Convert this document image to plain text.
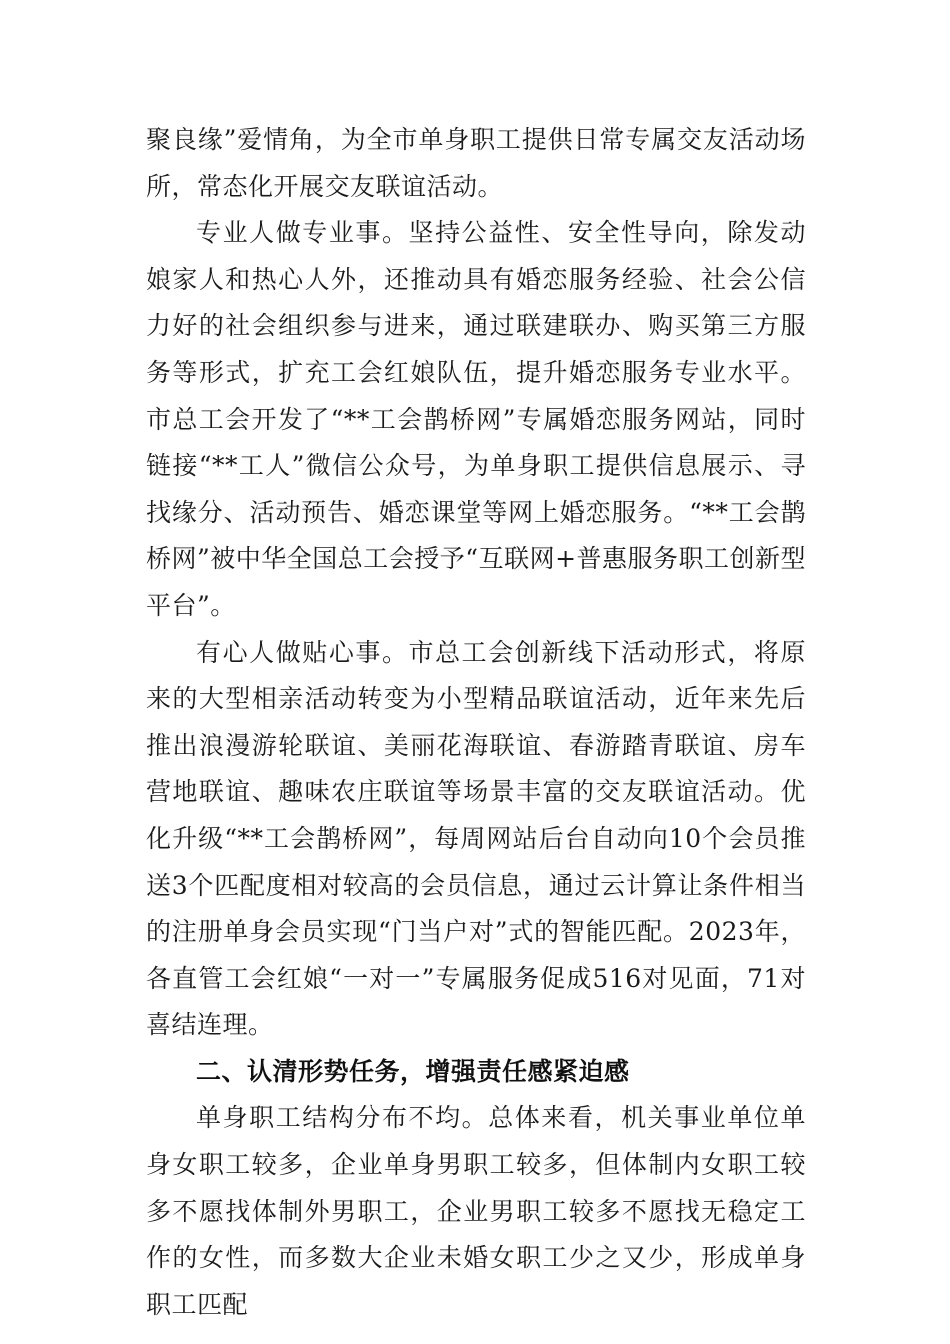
聚良缘”爱情角，为全市单身职工提供日常专属交友活动场所，常态化开展交友联谊活动。

专业人做专业事。坚持公益性、安全性导向，除发动娘家人和热心人外，还推动具有婚恋服务经验、社会公信力好的社会组织参与进来，通过联建联办、购买第三方服务等形式，扩充工会红娘队伍，提升婚恋服务专业水平。市总工会开发了“**工会鹊桥网”专属婚恋服务网站，同时链接“**工人”微信公众号，为单身职工提供信息展示、寻找缘分、活动预告、婚恋课堂等网上婚恋服务。“**工会鹊桥网”被中华全国总工会授予“互联网+普惠服务职工创新型平台”。

有心人做贴心事。市总工会创新线下活动形式，将原来的大型相亲活动转变为小型精品联谊活动，近年来先后推出浪漫游轮联谊、美丽花海联谊、春游踏青联谊、房车营地联谊、趣味农庄联谊等场景丰富的交友联谊活动。优化升级“**工会鹊桥网”，每周网站后台自动向10个会员推送3个匹配度相对较高的会员信息，通过云计算让条件相当的注册单身会员实现“门当户对”式的智能匹配。2023年，各直管工会红娘“一对一”专属服务促成516对见面，71对喜结连理。

二、认清形势任务，增强责任感紧迫感

单身职工结构分布不均。总体来看，机关事业单位单身女职工较多，企业单身男职工较多，但体制内女职工较多不愿找体制外男职工，企业男职工较多不愿找无稳定工作的女性，而多数大企业未婚女职工少之又少，形成单身职工匹配
